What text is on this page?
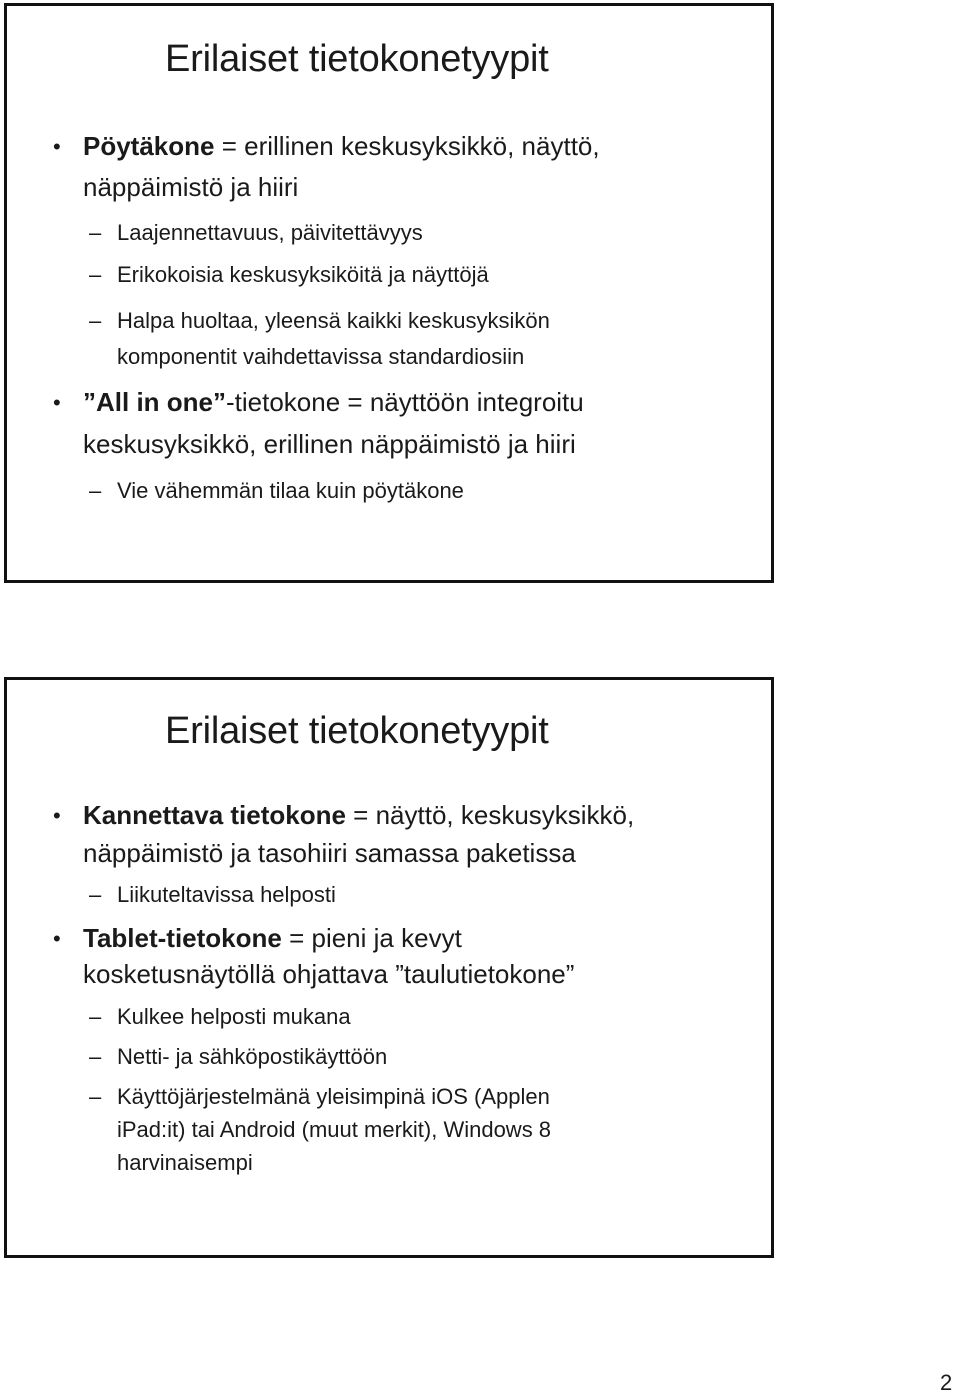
Erilaiset tietokonetyypit
• Pöytäkone = erillinen keskusyksikkö, näyttö,
näppäimistö ja hiiri
– Laajennettavuus, päivitettävyys
– Erikokoisia keskusyksiköitä ja näyttöjä
– Halpa huoltaa, yleensä kaikki keskusyksikön
komponentit vaihdettavissa standardiosiin
• ”All in one”-tietokone = näyttöön integroitu
keskusyksikkö, erillinen näppäimistö ja hiiri
– Vie vähemmän tilaa kuin pöytäkone
Erilaiset tietokonetyypit
• Kannettava tietokone = näyttö, keskusyksikkö,
näppäimistö ja tasohiiri samassa paketissa
– Liikuteltavissa helposti
• Tablet-tietokone = pieni ja kevyt
kosketusnäytöllä ohjattava ”taulutietokone”
– Kulkee helposti mukana
– Netti- ja sähköpostikäyttöön
– Käyttöjärjestelmänä yleisimpinä iOS (Applen
iPad:it) tai Android (muut merkit), Windows 8
harvinaisempi
2
